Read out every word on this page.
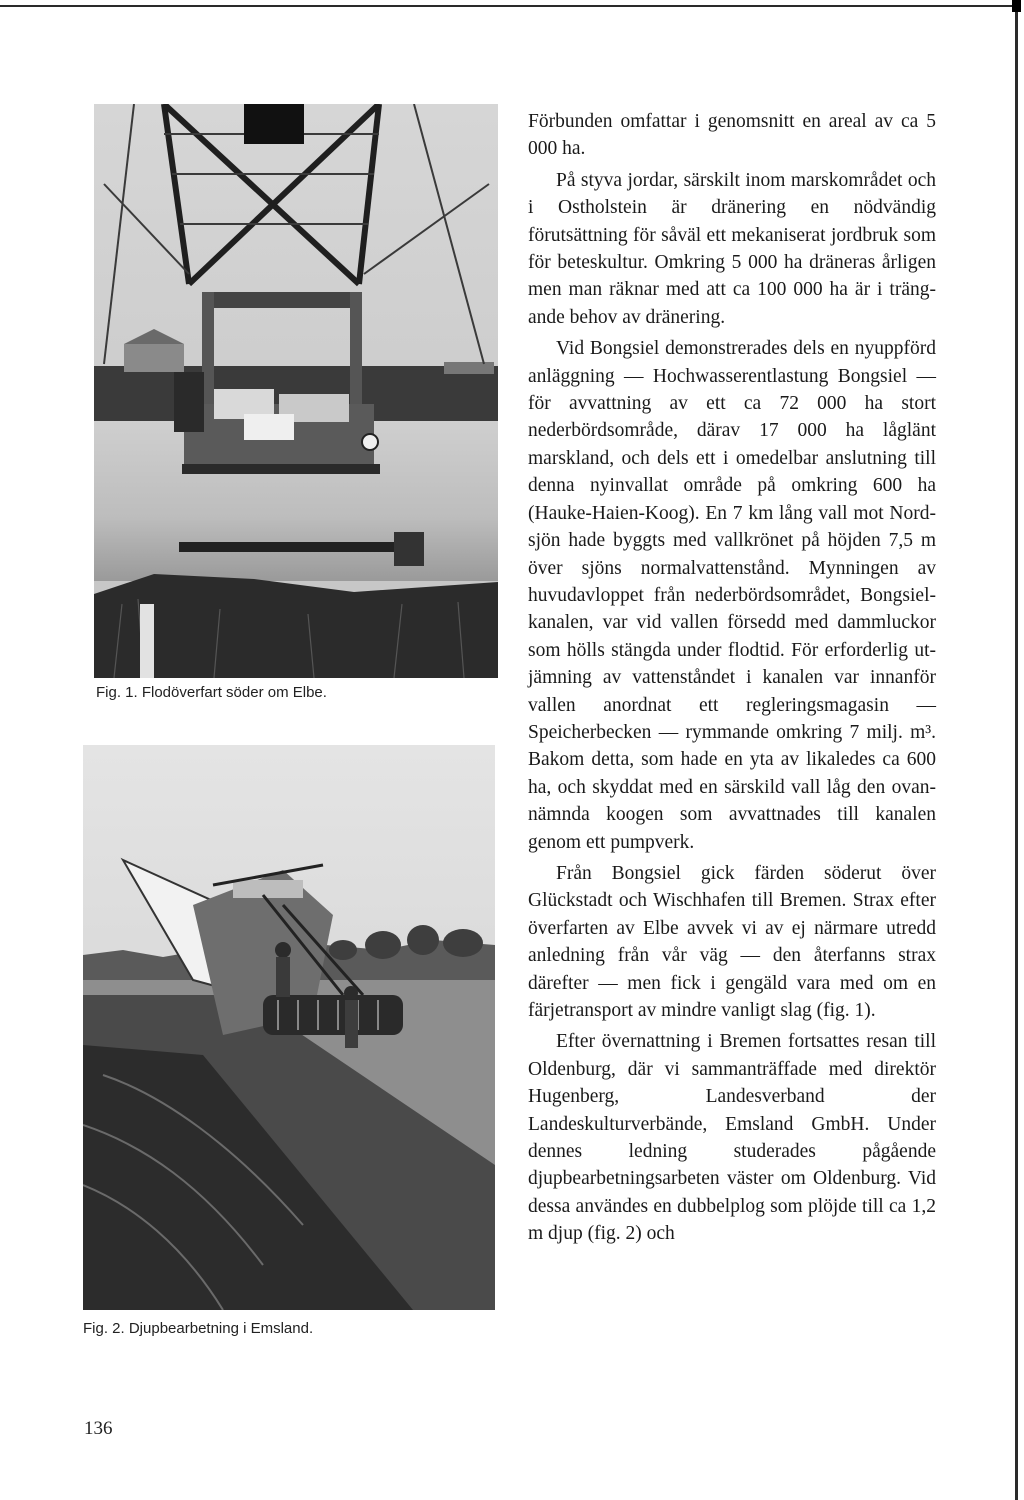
Fig. 1. Flodöverfart söder om Elbe.
Fig. 2. Djupbearbetning i Emsland.
136

Förbunden omfattar i genomsnitt en areal av ca 5 000 ha.

På styva jordar, särskilt inom marskområdet och i Ostholstein är dränering en nödvändig förutsättning för såväl ett mekaniserat jordbruk som för beteskultur. Omkring 5 000 ha dräneras årligen men man räknar med att ca 100 000 ha är i trängande behov av dränering.

Vid Bongsiel demonstrerades dels en nyuppförd anläggning — Hochwasserentlastung Bongsiel — för avvattning av ett ca 72 000 ha stort nederbördsområde, därav 17 000 ha låglänt marskland, och dels ett i omedelbar anslutning till denna nyinvallat område på omkring 600 ha (Hauke-Haien-Koog). En 7 km lång vall mot Nordsjön hade byggts med vallkrönet på höjden 7,5 m över sjöns normalvattenstånd. Mynningen av huvudavloppet från nederbördsområdet, Bongsiel-kanalen, var vid vallen försedd med dammluckor som hölls stängda under flodtid. För erforderlig utjämning av vattenståndet i kanalen var innanför vallen anordnat ett regleringsmagasin — Speicherbecken — rymmande omkring 7 milj. m³. Bakom detta, som hade en yta av likaledes ca 600 ha, och skyddat med en särskild vall låg den ovannämnda koogen som avvattnades till kanalen genom ett pumpverk.

Från Bongsiel gick färden söderut över Glückstadt och Wischhafen till Bremen. Strax efter överfarten av Elbe avvek vi av ej närmare utredd anledning från vår väg — den återfanns strax därefter — men fick i gengäld vara med om en färjetransport av mindre vanligt slag (fig. 1).

Efter övernattning i Bremen fortsattes resan till Oldenburg, där vi sammanträffade med direktör Hugenberg, Landesverband der Landeskulturverbände, Emsland GmbH. Under dennes ledning studerades pågående djupbearbetningsarbeten väster om Oldenburg. Vid dessa användes en dubbelplog som plöjde till ca 1,2 m djup (fig. 2) och
